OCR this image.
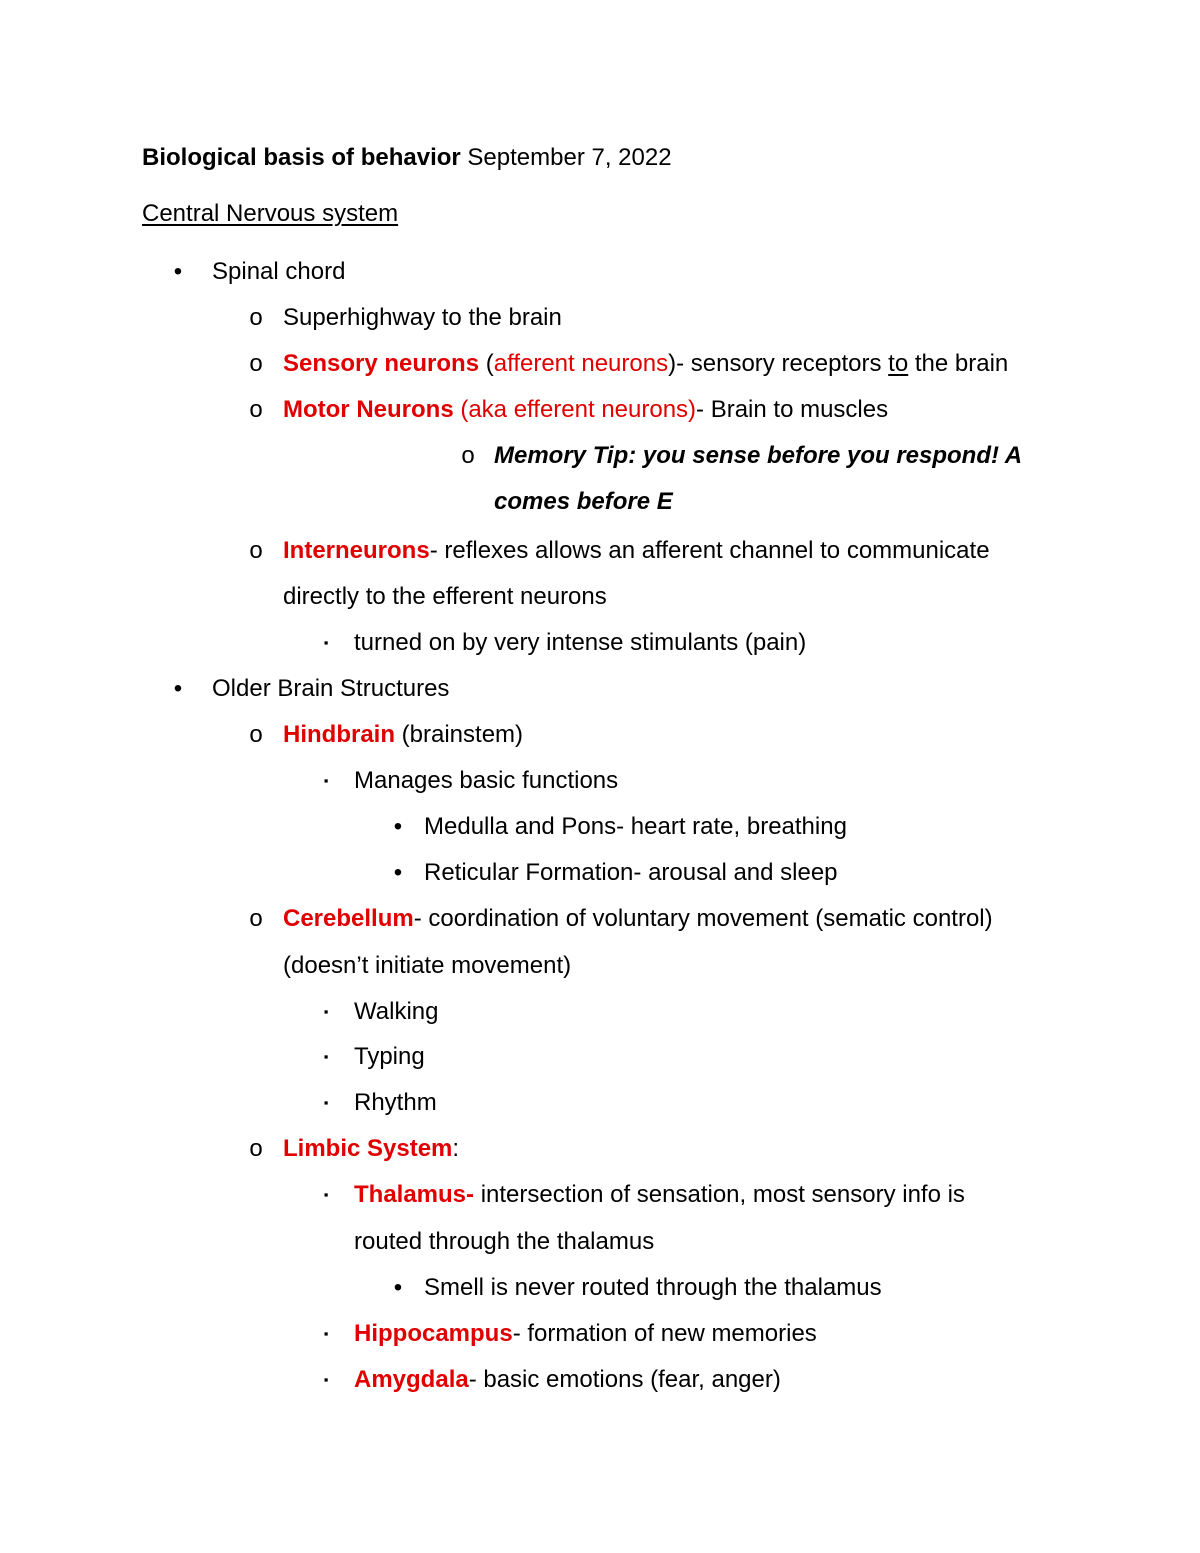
Biological basis of behavior September 7, 2022
Central Nervous system
• Spinal chord
o Superhighway to the brain
o Sensory neurons (afferent neurons)- sensory receptors to the brain
o Motor Neurons (aka efferent neurons)- Brain to muscles
o Memory Tip: you sense before you respond! A
comes before E
o Interneurons- reflexes allows an afferent channel to communicate
directly to the efferent neurons
▪	turned on by very intense stimulants (pain)
• Older Brain Structures
o Hindbrain (brainstem)
▪	Manages basic functions
• Medulla and Pons- heart rate, breathing
• Reticular Formation- arousal and sleep
o Cerebellum- coordination of voluntary movement (sematic control)
(doesn’t initiate movement)
▪	Walking
▪	Typing
▪	Rhythm
o Limbic System:
▪	Thalamus- intersection of sensation, most sensory info is
routed through the thalamus
• Smell is never routed through the thalamus
▪	Hippocampus- formation of new memories
▪	Amygdala- basic emotions (fear, anger)
